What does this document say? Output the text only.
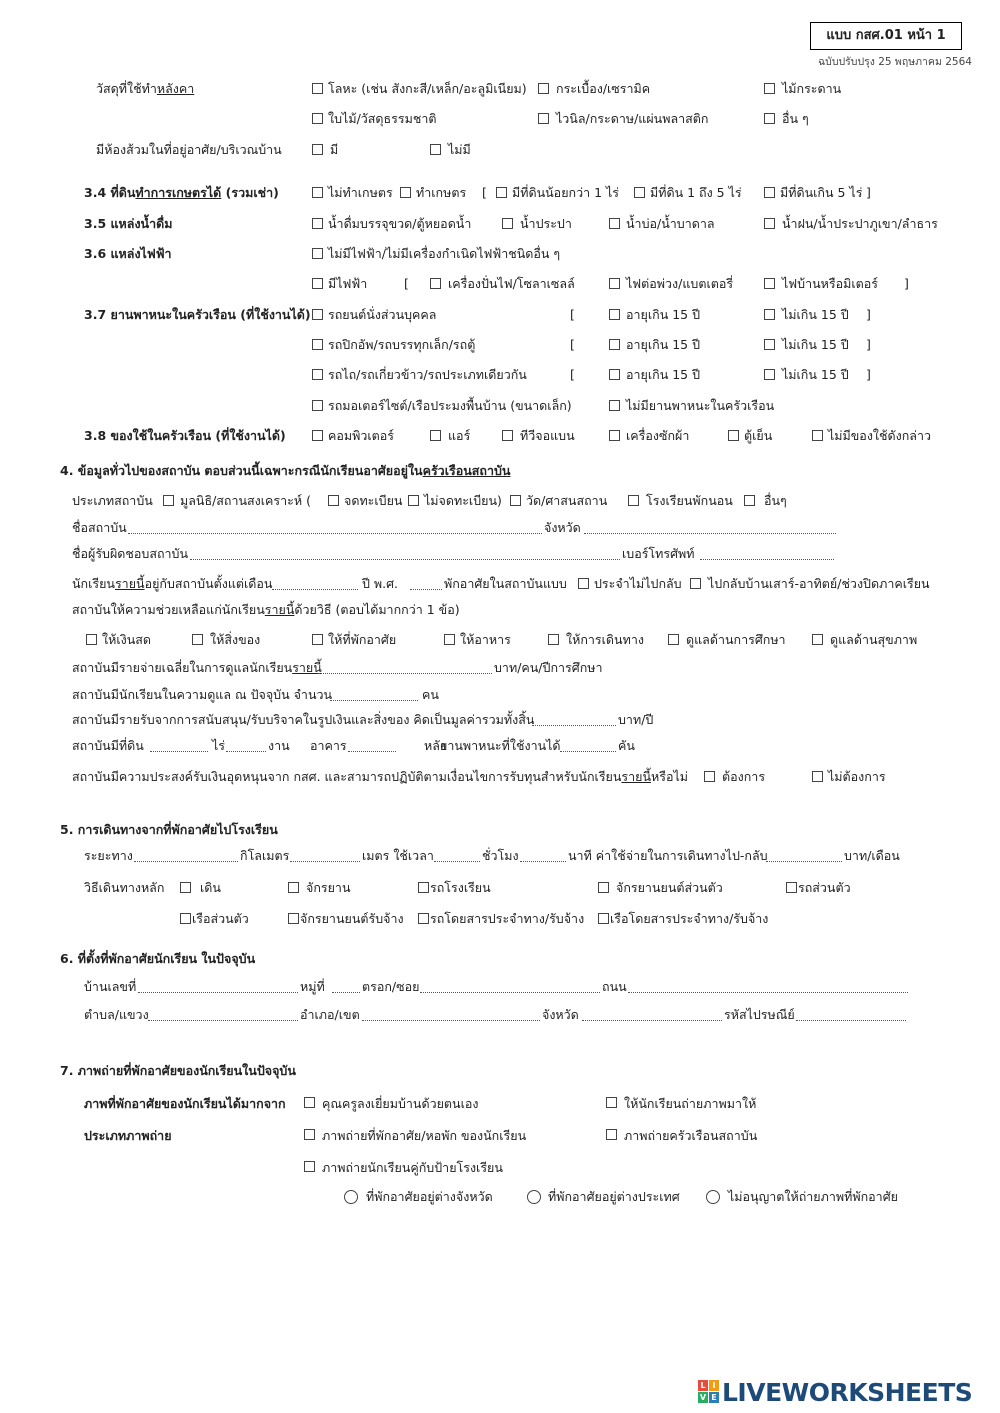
แบบ กสศ.01 หน้า 1
ฉบับปรับปรุง 25 พฤษภาคม 2564
วัสดุที่ใช้ทำหลังคา	โลหะ (เช่น สังกะสี/เหล็ก/อะลูมิเนียม) กระเบื้อง/เซรามิค	ไม้กระดาน
ใบไม้/วัสดุธรรมชาติ	ไวนิล/กระดาษ/แผ่นพลาสติก	อื่น ๆ
มีห้องส้วมในที่อยู่อาศัย/บริเวณบ้าน	มี	ไม่มี
3.4 ที่ดินทำการเกษตรได้ (รวมเช่า)	ไม่ทำเกษตร ทำเกษตร [ มีที่ดินน้อยกว่า 1 ไร่ มีที่ดิน 1 ถึง 5 ไร่	มีที่ดินเกิน 5 ไร่ ]
3.5 แหล่งน้ำดื่ม	น้ำดื่มบรรจุขวด/ตู้หยอดน้ำ	น้ำประปา	น้ำบ่อ/น้ำบาดาล	น้ำฝน/น้ำประปาภูเขา/ลำธาร
3.6 แหล่งไฟฟ้า	ไม่มีไฟฟ้า/ไม่มีเครื่องกำเนิดไฟฟ้าชนิดอื่น ๆ
มีไฟฟ้า	[	เครื่องปั่นไฟ/โซลาเซลล์	ไฟต่อพ่วง/แบตเตอรี่	ไฟบ้านหรือมิเตอร์ ]
3.7 ยานพาหนะในครัวเรือน (ที่ใช้งานได้) รถยนต์นั่งส่วนบุคคล	[	อายุเกิน 15 ปี	ไม่เกิน 15 ปี ]
รถปิกอัพ/รถบรรทุกเล็ก/รถตู้	[	อายุเกิน 15 ปี	ไม่เกิน 15 ปี ]
รถไถ/รถเกี่ยวข้าว/รถประเภทเดียวกัน	[	อายุเกิน 15 ปี	ไม่เกิน 15 ปี ]
รถมอเตอร์ไซต์/เรือประมงพื้นบ้าน (ขนาดเล็ก)	ไม่มียานพาหนะในครัวเรือน
3.8 ของใช้ในครัวเรือน (ที่ใช้งานได้)	คอมพิวเตอร์	แอร์	ทีวีจอแบน	เครื่องซักผ้า	ตู้เย็น	ไม่มีของใช้ดังกล่าว
4. ข้อมูลทั่วไปของสถาบัน ตอบส่วนนี้เฉพาะกรณีนักเรียนอาศัยอยู่ในครัวเรือนสถาบัน
ประเภทสถาบัน มูลนิธิ/สถานสงเคราะห์ (	จดทะเบียน ไม่จดทะเบียน) วัด/ศาสนสถาน	โรงเรียนพักนอน อื่นๆ
ชื่อสถาบัน	จังหวัด
ชื่อผู้รับผิดชอบสถาบัน	เบอร์โทรศัพท์
นักเรียนรายนี้อยู่กับสถาบันตั้งแต่เดือน	ปี พ.ศ.	พักอาศัยในสถาบันแบบ ประจำไม่ไปกลับ ไปกลับบ้านเสาร์-อาทิตย์/ช่วงปิดภาคเรียน
สถาบันให้ความช่วยเหลือแก่นักเรียนรายนี้ด้วยวิธี (ตอบได้มากกว่า 1 ข้อ)
ให้เงินสด	ให้สิ่งของ	ให้ที่พักอาศัย	ให้อาหาร	ให้การเดินทาง	ดูแลด้านการศึกษา	ดูแลด้านสุขภาพ
สถาบันมีรายจ่ายเฉลี่ยในการดูแลนักเรียนรายนี้	บาท/คน/ปีการศึกษา
สถาบันมีนักเรียนในความดูแล ณ ปัจจุบัน จำนวน	คน
สถาบันมีรายรับจากการสนับสนุน/รับบริจาคในรูปเงินและสิ่งของ คิดเป็นมูลค่ารวมทั้งสิ้น	บาท/ปี
สถาบันมีที่ดิน	ไร่	งาน อาคาร	หลัง
ยานพาหนะที่ใช้งานได้	คัน
สถาบันมีความประสงค์รับเงินอุดหนุนจาก กสศ. และสามารถปฏิบัติตามเงื่อนไขการรับทุนสำหรับนักเรียนรายนี้หรือไม่	ต้องการ	ไม่ต้องการ
5. การเดินทางจากที่พักอาศัยไปโรงเรียน
ระยะทาง	กิโลเมตร	เมตร ใช้เวลา	ชั่วโมง	นาที ค่าใช้จ่ายในการเดินทางไป-กลับ	บาท/เดือน
วิธีเดินทางหลัก	เดิน	จักรยาน	รถโรงเรียน	จักรยานยนต์ส่วนตัว	รถส่วนตัว
เรือส่วนตัว	จักรยานยนต์รับจ้าง รถโดยสารประจำทาง/รับจ้าง เรือโดยสารประจำทาง/รับจ้าง
6. ที่ตั้งที่พักอาศัยนักเรียน ในปัจจุบัน
บ้านเลขที่	หมู่ที่	ตรอก/ซอย	ถนน
ตำบล/แขวง	อำเภอ/เขต	จังหวัด	รหัสไปรษณีย์
7. ภาพถ่ายที่พักอาศัยของนักเรียนในปัจจุบัน
ภาพที่พักอาศัยของนักเรียนได้มากจาก	คุณครูลงเยี่ยมบ้านด้วยตนเอง	ให้นักเรียนถ่ายภาพมาให้
ประเภทภาพถ่าย	ภาพถ่ายที่พักอาศัย/หอพัก ของนักเรียน	ภาพถ่ายครัวเรือนสถาบัน
ภาพถ่ายนักเรียนคู่กับป้ายโรงเรียน
ที่พักอาศัยอยู่ต่างจังหวัด	ที่พักอาศัยอยู่ต่างประเทศ	ไม่อนุญาตให้ถ่ายภาพที่พักอาศัย
L I
V E LIVEWORKSHEETS
